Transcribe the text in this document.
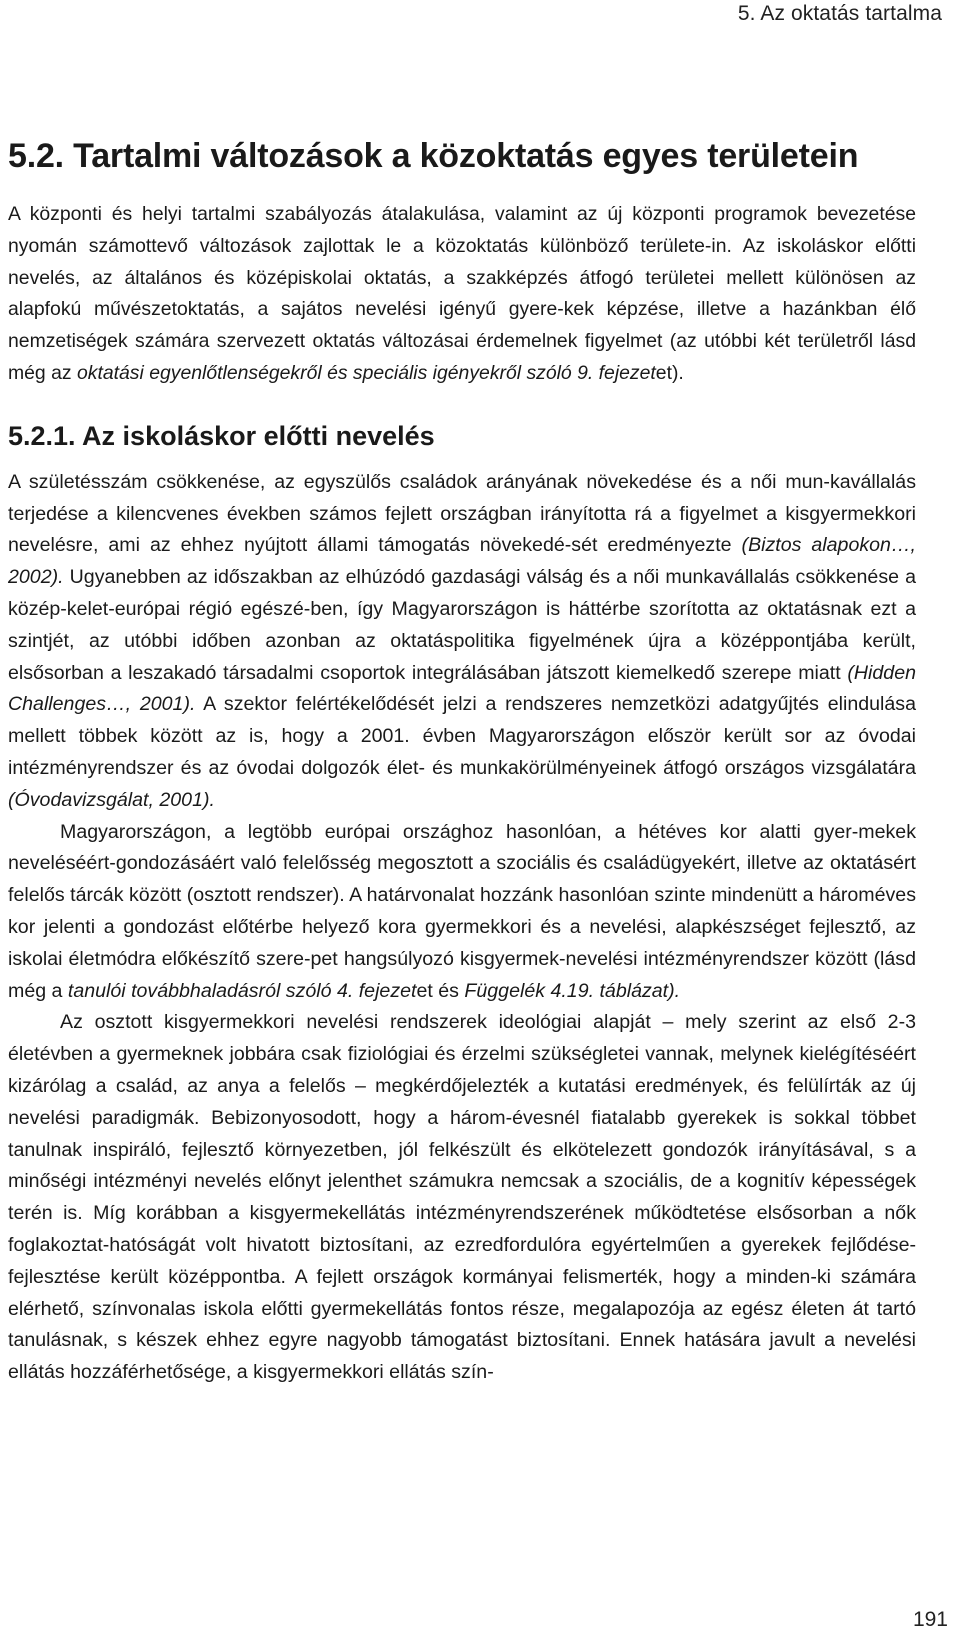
5. Az oktatás tartalma
5.2. Tartalmi változások a közoktatás egyes területein

A központi és helyi tartalmi szabályozás átalakulása, valamint az új központi programok bevezetése nyomán számottevő változások zajlottak le a közoktatás különböző területe-in. Az iskoláskor előtti nevelés, az általános és középiskolai oktatás, a szakképzés átfogó területei mellett különösen az alapfokú művészetoktatás, a sajátos nevelési igényű gyere-kek képzése, illetve a hazánkban élő nemzetiségek számára szervezett oktatás változásai érdemelnek figyelmet (az utóbbi két területről lásd még az oktatási egyenlőtlenségekről és speciális igényekről szóló 9. fejezetet).

5.2.1. Az iskoláskor előtti nevelés

A születésszám csökkenése, az egyszülős családok arányának növekedése és a női mun-kavállalás terjedése a kilencvenes években számos fejlett országban irányította rá a figyelmet a kisgyermekkori nevelésre, ami az ehhez nyújtott állami támogatás növekedé-sét eredményezte (Biztos alapokon…, 2002). Ugyanebben az időszakban az elhúzódó gazdasági válság és a női munkavállalás csökkenése a közép-kelet-európai régió egészé-ben, így Magyarországon is háttérbe szorította az oktatásnak ezt a szintjét, az utóbbi időben azonban az oktatáspolitika figyelmének újra a középpontjába került, elsősorban a leszakadó társadalmi csoportok integrálásában játszott kiemelkedő szerepe miatt (Hidden Challenges…, 2001). A szektor felértékelődését jelzi a rendszeres nemzetközi adatgyűjtés elindulása mellett többek között az is, hogy a 2001. évben Magyarországon először került sor az óvodai intézményrendszer és az óvodai dolgozók élet- és munkakörülményeinek átfogó országos vizsgálatára (Óvodavizsgálat, 2001).

Magyarországon, a legtöbb európai országhoz hasonlóan, a hétéves kor alatti gyer-mekek neveléséért-gondozásáért való felelősség megosztott a szociális és családügyekért, illetve az oktatásért felelős tárcák között (osztott rendszer). A határvonalat hozzánk hasonlóan szinte mindenütt a hároméves kor jelenti a gondozást előtérbe helyező kora gyermekkori és a nevelési, alapkészséget fejlesztő, az iskolai életmódra előkészítő szere-pet hangsúlyozó kisgyermek-nevelési intézményrendszer között (lásd még a tanulói továbbhaladásról szóló 4. fejezetet és Függelék 4.19. táblázat).

Az osztott kisgyermekkori nevelési rendszerek ideológiai alapját – mely szerint az első 2-3 életévben a gyermeknek jobbára csak fiziológiai és érzelmi szükségletei vannak, melynek kielégítéséért kizárólag a család, az anya a felelős – megkérdőjelezték a kutatási eredmények, és felülírták az új nevelési paradigmák. Bebizonyosodott, hogy a három-évesnél fiatalabb gyerekek is sokkal többet tanulnak inspiráló, fejlesztő környezetben, jól felkészült és elkötelezett gondozók irányításával, s a minőségi intézményi nevelés előnyt jelenthet számukra nemcsak a szociális, de a kognitív képességek terén is. Míg korábban a kisgyermekellátás intézményrendszerének működtetése elsősorban a nők foglakoztat-hatóságát volt hivatott biztosítani, az ezredfordulóra egyértelműen a gyerekek fejlődése-fejlesztése került középpontba. A fejlett országok kormányai felismerték, hogy a minden-ki számára elérhető, színvonalas iskola előtti gyermekellátás fontos része, megalapozója az egész életen át tartó tanulásnak, s készek ehhez egyre nagyobb támogatást biztosítani. Ennek hatására javult a nevelési ellátás hozzáférhetősége, a kisgyermekkori ellátás szín-

191
